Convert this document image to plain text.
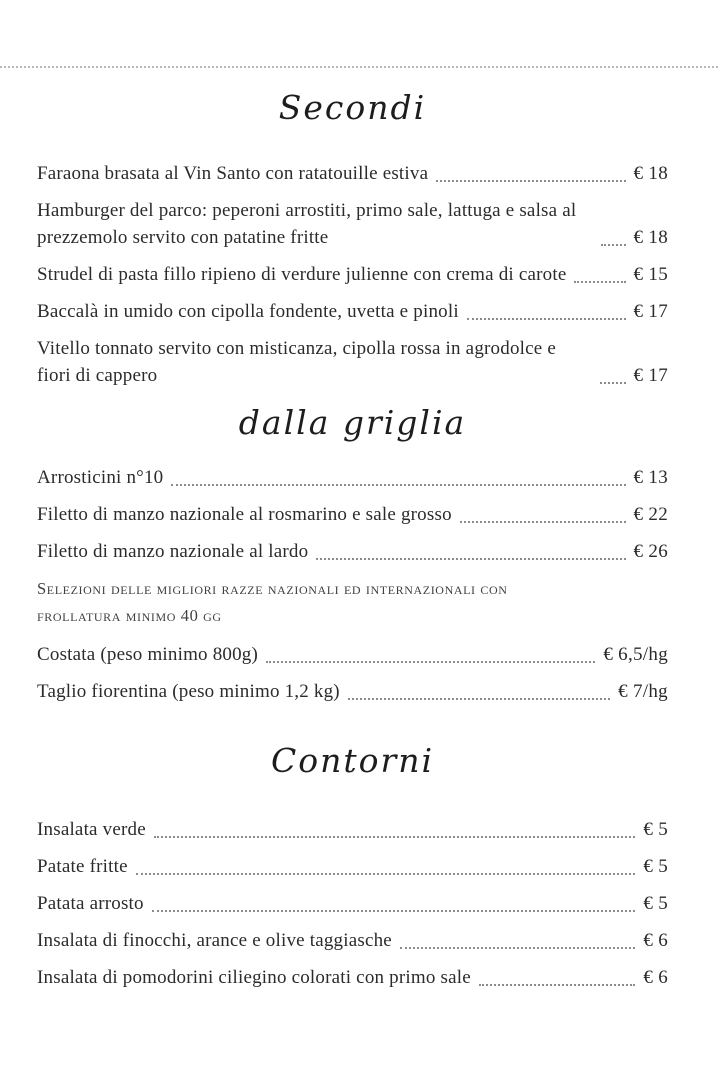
Secondi
Faraona brasata al Vin Santo con ratatouille estiva	€ 18
Hamburger del parco: peperoni arrostiti, primo sale, lattuga e salsa al prezzemolo servito con patatine fritte	€ 18
Strudel di pasta fillo ripieno di verdure julienne con crema di carote	€ 15
Baccalà in umido con cipolla fondente, uvetta e pinoli	€ 17
Vitello tonnato servito con misticanza, cipolla rossa in agrodolce e fiori di cappero	€ 17
dalla griglia
Arrosticini n°10	€ 13
Filetto di manzo nazionale al rosmarino e sale grosso	€ 22
Filetto di manzo nazionale al lardo	€ 26

Selezioni delle migliori razze nazionali ed internazionali con frollatura minimo 40 gg

Costata (peso minimo 800g)	€ 6,5/hg
Taglio fiorentina (peso minimo 1,2 kg)	€ 7/hg
Contorni
Insalata verde	€ 5
Patate fritte	€ 5
Patata arrosto	€ 5
Insalata di finocchi, arance e olive taggiasche	€ 6
Insalata di pomodorini ciliegino colorati con primo sale	€ 6
